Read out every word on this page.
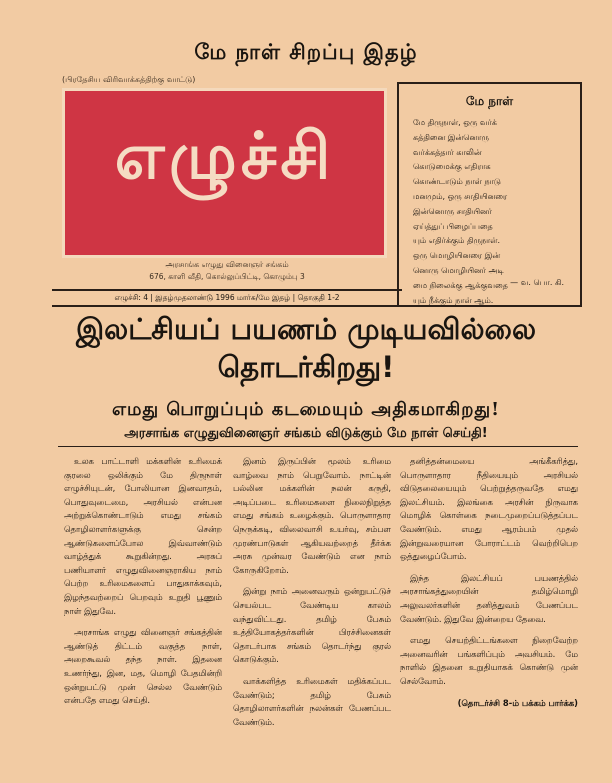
மே நாள் சிறப்பு இதழ்
(பிரதேசிய விரிவாக்கத்திற்கு வாட்டு)
எழுச்சி
அரசாங்க எழுது வினைஞர் சங்கம்
676, காளி வீதி, கொல்லுப்பிட்டி, கொழும்பு 3
எழுச்சி: 4 | இதழ்முதலாண்டு 1996 மார்சு/மே இதழ் | தொகுதி 1-2
மே நாள்
மே திருநாள், ஒரு வர்க்
கத்தினை இன்னொரு
வர்க்கத்தார் காலின்
கொடுமைக்கு எதிராக
கொண்டாடும் நாள் நாடு
மனமும், ஒரு சாதியினரை
இன்னொரு சாதியினர்
ஏய்த்துப் பிழைப்பதை
யும் எதிர்க்கும் திருநாள்.
ஒரு மொழியினரை இன்
னொரு மொழியினர் அடி
மை நிலைக்கு ஆக்குவதை
யும் நீக்கும் நாள் ஆம்.
— வ. பொ. கி.
இலட்சியப் பயணம் முடியவில்லை
தொடர்கிறது!
எமது பொறுப்பும் கடமையும் அதிகமாகிறது!
அரசாங்க எழுதுவினைஞர் சங்கம் விடுக்கும் மே நாள் செய்தி!

உலக பாட்டாளி மக்களின் உரிமைக் குரலை ஒலிக்கும் மே திருநாள் எழுச்சியுடன், போலியான இனவாதம், பொதுவுடைமை, அரசியல் என்பன அற்றுக்கொண்டாடும் எமது சங்கம் தொழிலாளர்களுக்கு சென்ற ஆண்டுகளைப்போல இவ்வாண்டும் வாழ்த்துக் கூறுகின்றது. அரசுப் பணியாளர் எழுதுவினைஞராகிய நாம் பெற்ற உரிமைகளைப் பாதுகாக்கவும், இழந்தவற்றைப் பெறவும் உறுதி பூணும் நாள் இதுவே.

அரசாங்க எழுது வினைஞர் சங்கத்தின் ஆண்டுத் திட்டம் வகுத்த நாள், அறைகூவல் தந்த நாள். இதனை உணர்ந்து, இன, மத, மொழி பேதமின்றி ஒன்றுபட்டு முன் செல்ல வேண்டும் என்பதே எமது செய்தி.

இனம் இருப்பின் மூலம் உரிமை வாழ்வை நாம் பெறுவோம். நாட்டின் பல்லின மக்களின் நலன் கருதி, அடிப்படை உரிமைகளை நிலைநிறுத்த எமது சங்கம் உழைக்கும். பொருளாதார நெருக்கடி, விலைவாசி உயர்வு, சம்பள முரண்பாடுகள் ஆகியவற்றைத் தீர்க்க அரசு முன்வர வேண்டும் என நாம் கோருகிறோம்.

இன்று நாம் அனைவரும் ஒன்றுபட்டுச் செயல்பட வேண்டிய காலம் வந்துவிட்டது. தமிழ் பேசும் உத்தியோகத்தர்களின் பிரச்சினைகள் தொடர்பாக சங்கம் தொடர்ந்து குரல் கொடுக்கும்.

வாக்களித்த உரிமைகள் மதிக்கப்பட வேண்டும்; தமிழ் பேசும் தொழிலாளர்களின் நலன்கள் பேணப்பட வேண்டும்.

தனித்தன்மையை அங்கீகரித்து, பொருளாதார நீதியையும் அரசியல் விடுதலையையும் பெற்றுத்தருவதே எமது இலட்சியம். இலங்கை அரசின் நிருவாக மொழிக் கொள்கை நடைமுறைப்படுத்தப்பட வேண்டும். எமது ஆரம்பம் முதல் இன்றுவரையான போராட்டம் வெற்றிபெற ஒத்துழைப்போம்.

இந்த இலட்சியப் பயணத்தில் அரசாங்கத்துறையின் தமிழ்மொழி அலுவலர்களின் தனித்துவம் பேணப்பட வேண்டும். இதுவே இன்றைய தேவை.

எமது செயற்திட்டங்களை நிறைவேற்ற அனைவரின் பங்களிப்பும் அவசியம். மே நாளில் இதனை உறுதியாகக் கொண்டு முன் செல்வோம்.

(தொடர்ச்சி 8-ம் பக்கம் பார்க்க)
